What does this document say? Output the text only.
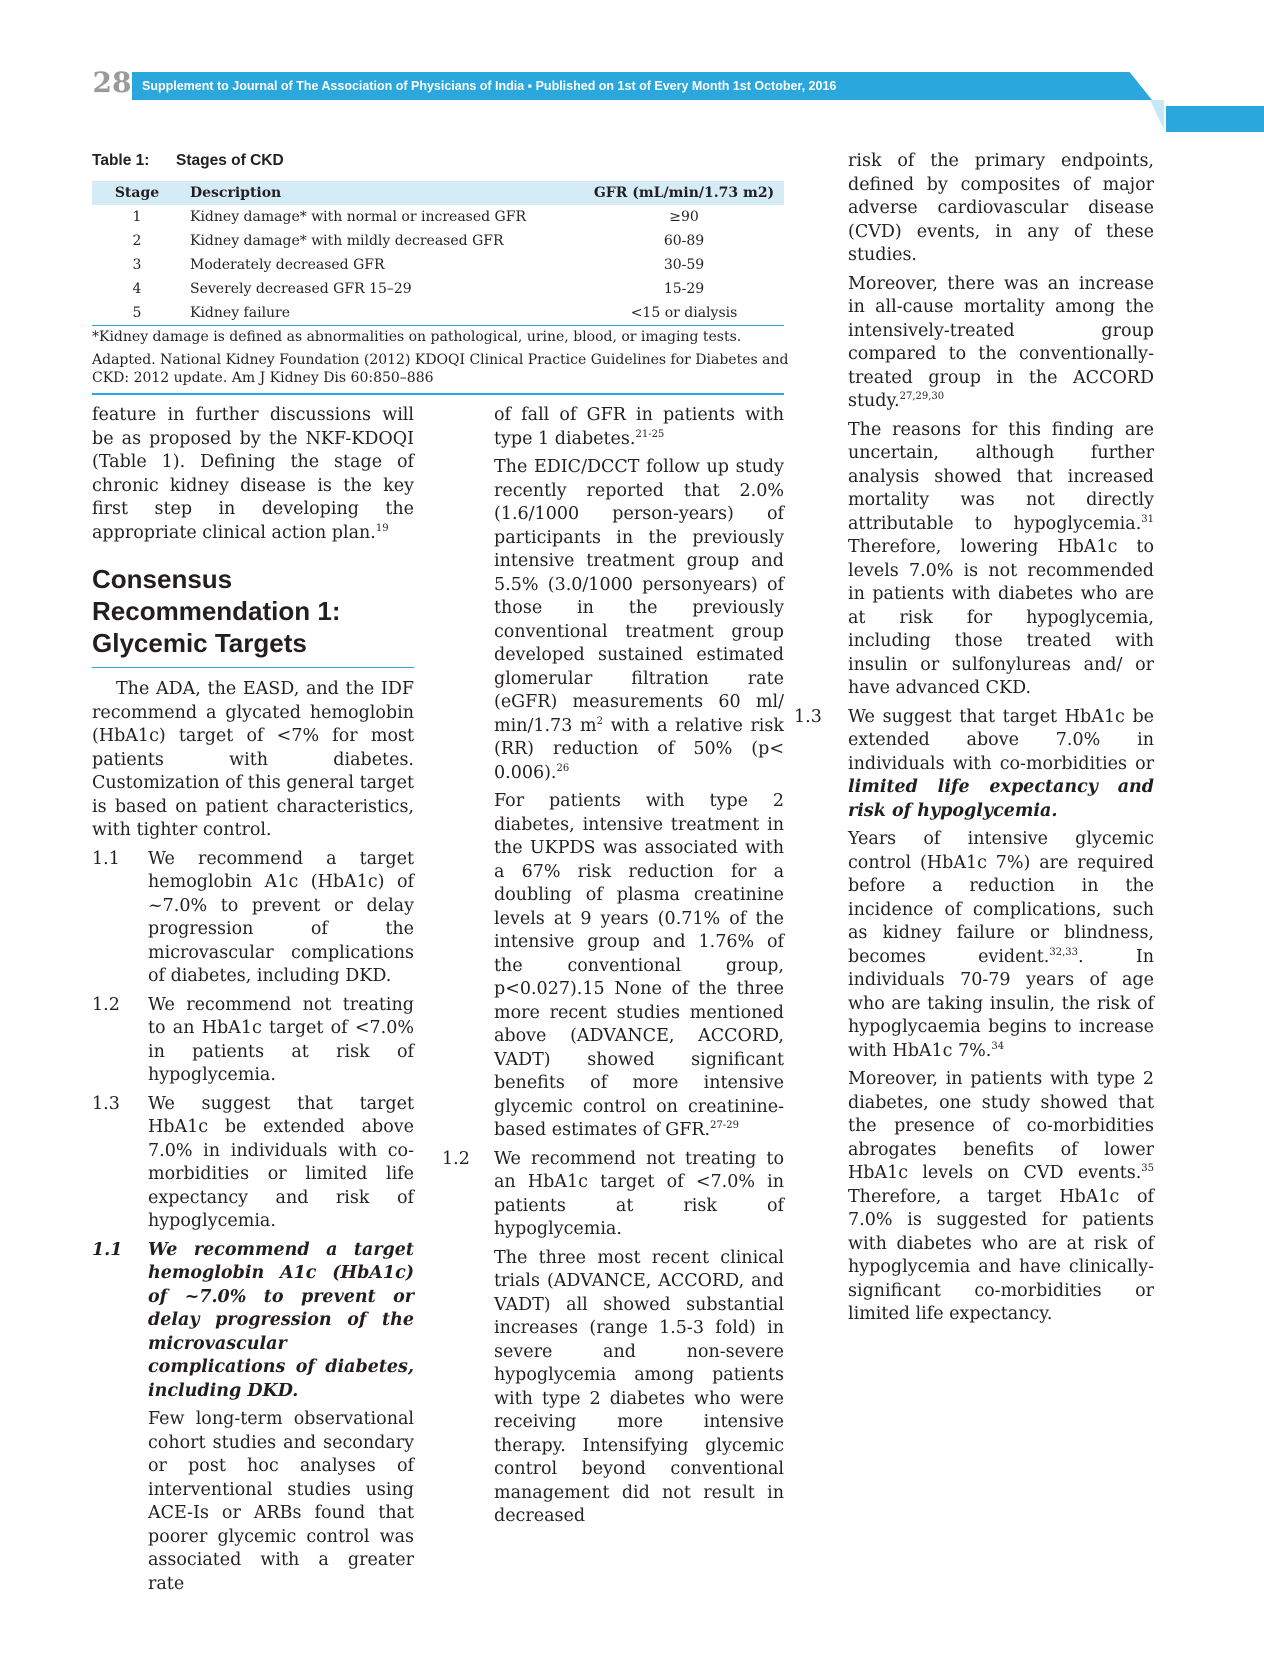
28 Supplement to Journal of The Association of Physicians of India ▪ Published on 1st of Every Month 1st October, 2016
Table 1: Stages of CKD
Stage	Description	GFR (mL/min/1.73 m2)
1	Kidney damage* with normal or increased GFR	≥90
2	Kidney damage* with mildly decreased GFR	60-89
3	Moderately decreased GFR	30-59
4	Severely decreased GFR 15–29	15-29
5	Kidney failure	<15 or dialysis

*Kidney damage is defined as abnormalities on pathological, urine, blood, or imaging tests.

Adapted. National Kidney Foundation (2012) KDOQI Clinical Practice Guidelines for Diabetes and CKD: 2012 update. Am J Kidney Dis 60:850–886

feature in further discussions will be as proposed by the NKF-KDOQI (Table 1). Defining the stage of chronic kidney disease is the key first step in developing the appropriate clinical action plan.$^{19}$

Consensus Recommendation 1: Glycemic Targets

The ADA, the EASD, and the IDF recommend a glycated hemoglobin (HbA1c) target of <7% for most patients with diabetes. Customization of this general target is based on patient characteristics, with tighter control.

1.1 We recommend a target hemoglobin A1c (HbA1c) of ~7.0% to prevent or delay progression of the microvascular complications of diabetes, including DKD.
1.2 We recommend not treating to an HbA1c target of <7.0% in patients at risk of hypoglycemia.
1.3 We suggest that target HbA1c be extended above 7.0% in individuals with co-morbidities or limited life expectancy and risk of hypoglycemia.
1.1 We recommend a target hemoglobin A1c (HbA1c) of ~7.0% to prevent or delay progression of the microvascular complications of diabetes, including DKD.

Few long-term observational cohort studies and secondary or post hoc analyses of interventional studies using ACE-Is or ARBs found that poorer glycemic control was associated with a greater rate

of fall of GFR in patients with type 1 diabetes.$^{21-25}$

The EDIC/DCCT follow up study recently reported that 2.0% (1.6/1000 person-years) of participants in the previously intensive treatment group and 5.5% (3.0/1000 personyears) of those in the previously conventional treatment group developed sustained estimated glomerular filtration rate (eGFR) measurements 60 ml/ min/1.73 $m^2$ with a relative risk (RR) reduction of 50% (p< 0.006).$^{26}$

For patients with type 2 diabetes, intensive treatment in the UKPDS was associated with a 67% risk reduction for a doubling of plasma creatinine levels at 9 years (0.71% of the intensive group and 1.76% of the conventional group, p<0.027).15 None of the three more recent studies mentioned above (ADVANCE, ACCORD, VADT) showed significant benefits of more intensive glycemic control on creatinine-based estimates of GFR.$^{27-29}$

1.2 We recommend not treating to an HbA1c target of <7.0% in patients at risk of hypoglycemia.

The three most recent clinical trials (ADVANCE, ACCORD, and VADT) all showed substantial increases (range 1.5-3 fold) in severe and non-severe hypoglycemia among patients with type 2 diabetes who were receiving more intensive therapy. Intensifying glycemic control beyond conventional management did not result in decreased

risk of the primary endpoints, defined by composites of major adverse cardiovascular disease (CVD) events, in any of these studies.

Moreover, there was an increase in all-cause mortality among the intensively-treated group compared to the conventionally-treated group in the ACCORD study.$^{27,29,30}$

The reasons for this finding are uncertain, although further analysis showed that increased mortality was not directly attributable to hypoglycemia.$^{31}$ Therefore, lowering HbA1c to levels 7.0% is not recommended in patients with diabetes who are at risk for hypoglycemia, including those treated with insulin or sulfonylureas and/ or have advanced CKD.

1.3 We suggest that target HbA1c be extended above 7.0% in individuals with co-morbidities or limited life expectancy and risk of hypoglycemia.

Years of intensive glycemic control (HbA1c 7%) are required before a reduction in the incidence of complications, such as kidney failure or blindness, becomes evident.$^{32,33}$. In individuals 70-79 years of age who are taking insulin, the risk of hypoglycaemia begins to increase with HbA1c 7%.$^{34}$

Moreover, in patients with type 2 diabetes, one study showed that the presence of co-morbidities abrogates benefits of lower HbA1c levels on CVD events.$^{35}$ Therefore, a target HbA1c of 7.0% is suggested for patients with diabetes who are at risk of hypoglycemia and have clinically-significant co-morbidities or limited life expectancy.
